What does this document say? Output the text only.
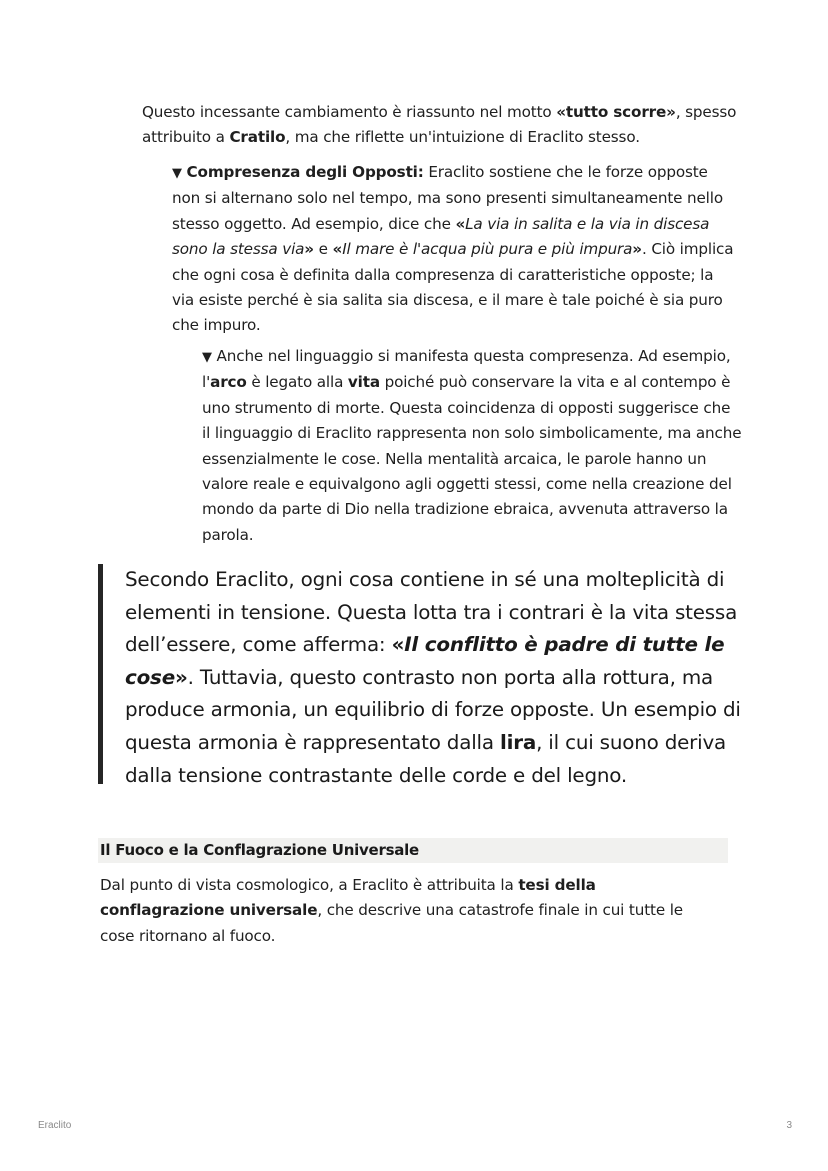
Questo incessante cambiamento è riassunto nel motto «tutto scorre», spesso attribuito a Cratilo, ma che riflette un'intuizione di Eraclito stesso.

▼ Compresenza degli Opposti: Eraclito sostiene che le forze opposte non si alternano solo nel tempo, ma sono presenti simultaneamente nello stesso oggetto. Ad esempio, dice che «La via in salita e la via in discesa sono la stessa via» e «Il mare è l'acqua più pura e più impura». Ciò implica che ogni cosa è definita dalla compresenza di caratteristiche opposte; la via esiste perché è sia salita sia discesa, e il mare è tale poiché è sia puro che impuro.

▼ Anche nel linguaggio si manifesta questa compresenza. Ad esempio, l'arco è legato alla vita poiché può conservare la vita e al contempo è uno strumento di morte. Questa coincidenza di opposti suggerisce che il linguaggio di Eraclito rappresenta non solo simbolicamente, ma anche essenzialmente le cose. Nella mentalità arcaica, le parole hanno un valore reale e equivalgono agli oggetti stessi, come nella creazione del mondo da parte di Dio nella tradizione ebraica, avvenuta attraverso la parola.

Secondo Eraclito, ogni cosa contiene in sé una molteplicità di elementi in tensione. Questa lotta tra i contrari è la vita stessa dell’essere, come afferma: «Il conflitto è padre di tutte le cose». Tuttavia, questo contrasto non porta alla rottura, ma produce armonia, un equilibrio di forze opposte. Un esempio di questa armonia è rappresentato dalla lira, il cui suono deriva dalla tensione contrastante delle corde e del legno.

Il Fuoco e la Conflagrazione Universale

Dal punto di vista cosmologico, a Eraclito è attribuita la tesi della conflagrazione universale, che descrive una catastrofe finale in cui tutte le cose ritornano al fuoco.

Eraclito	3
